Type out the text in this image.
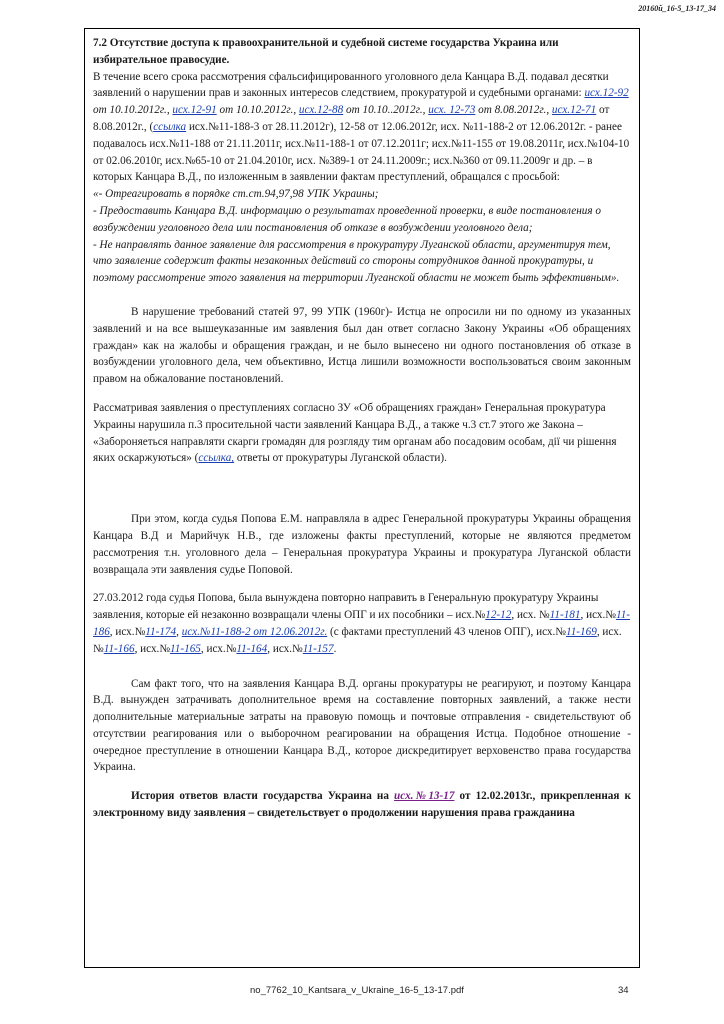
20160й_16-5_13-17_34

7.2 Отсутствие доступа к правоохранительной и судебной системе государства Украина или избирательное правосудие.

В течение всего срока рассмотрения сфальсифицированного уголовного дела Канцара В.Д. подавал десятки заявлений о нарушении прав и законных интересов следствием, прокуратурой и судебными органами: исх.12-92 от 10.10.2012г., исх.12-91 от 10.10.2012г., исх.12-88 от 10.10..2012г., исх. 12-73 от 8.08.2012г., исх.12-71 от 8.08.2012г., (ссылка исх.№11-188-3 от 28.11.2012г), 12-58 от 12.06.2012г, исх. №11-188-2 от 12.06.2012г. - ранее подавалось исх.№11-188 от 21.11.2011г, исх.№11-188-1 от 07.12.2011г; исх.№11-155 от 19.08.2011г, исх.№104-10 от 02.06.2010г, исх.№65-10 от 21.04.2010г, исх. №389-1 от 24.11.2009г.; исх.№360 от 09.11.2009г и др. – в которых Канцара В.Д., по изложенным в заявлении фактам преступлений, обращался с просьбой:

«- Отреагировать в порядке ст.ст.94,97,98 УПК Украины;

- Предоставить Канцара В.Д. информацию о результатах проведенной проверки, в виде постановления о возбуждении уголовного дела или постановления об отказе в возбуждении уголовного дела;

- Не направлять данное заявление для рассмотрения в прокуратуру Луганской области, аргументируя тем, что заявление содержит факты незаконных действий со стороны сотрудников данной прокуратуры, и поэтому рассмотрение этого заявления на территории Луганской области не может быть эффективным».

В нарушение требований статей 97, 99 УПК (1960г)- Истца не опросили ни по одному из указанных заявлений и на все вышеуказанные им заявления был дан ответ согласно Закону Украины «Об обращениях граждан» как на жалобы и обращения граждан, и не было вынесено ни одного постановления об отказе в возбуждении уголовного дела, чем объективно, Истца лишили возможности воспользоваться своим законным правом на обжалование постановлений.

Рассматривая заявления о преступлениях согласно ЗУ «Об обращениях граждан» Генеральная прокуратура Украины нарушила п.3 просительной части заявлений Канцара В.Д., а также ч.3 ст.7 этого же Закона – «Забороняеться направляти скарги громадян для розгляду тим органам або посадовим особам, дії чи рішення яких оскаржуються» (ссылка, ответы от прокуратуры Луганской области).

При этом, когда судья Попова Е.М. направляла в адрес Генеральной прокуратуры Украины обращения Канцара В.Д и Марийчук Н.В., где изложены факты преступлений, которые не являются предметом рассмотрения т.н. уголовного дела – Генеральная прокуратура Украины и прокуратура Луганской области возвращала эти заявления судье Поповой.

27.03.2012 года судья Попова, была вынуждена повторно направить в Генеральную прокуратуру Украины заявления, которые ей незаконно возвращали члены ОПГ и их пособники – исх.№12-12, исх. №11-181, исх.№11-186, исх.№11-174, исх.№11-188-2 от 12.06.2012г. (с фактами преступлений 43 членов ОПГ), исх.№11-169, исх.№11-166, исх.№11-165, исх.№11-164, исх.№11-157.

Сам факт того, что на заявления Канцара В.Д. органы прокуратуры не реагируют, и поэтому Канцара В.Д. вынужден затрачивать дополнительное время на составление повторных заявлений, а также нести дополнительные материальные затраты на правовую помощь и почтовые отправления - свидетельствуют об отсутствии реагирования или о выборочном реагировании на обращения Истца. Подобное отношение - очередное преступление в отношении Канцара В.Д., которое дискредитирует верховенство права государства Украина.

История ответов власти государства Украина на исх.№13-17 от 12.02.2013г., прикрепленная к электронному виду заявления – свидетельствует о продолжении нарушения права гражданина

no_7762_10_Kantsara_v_Ukraine_16-5_13-17.pdf	34
